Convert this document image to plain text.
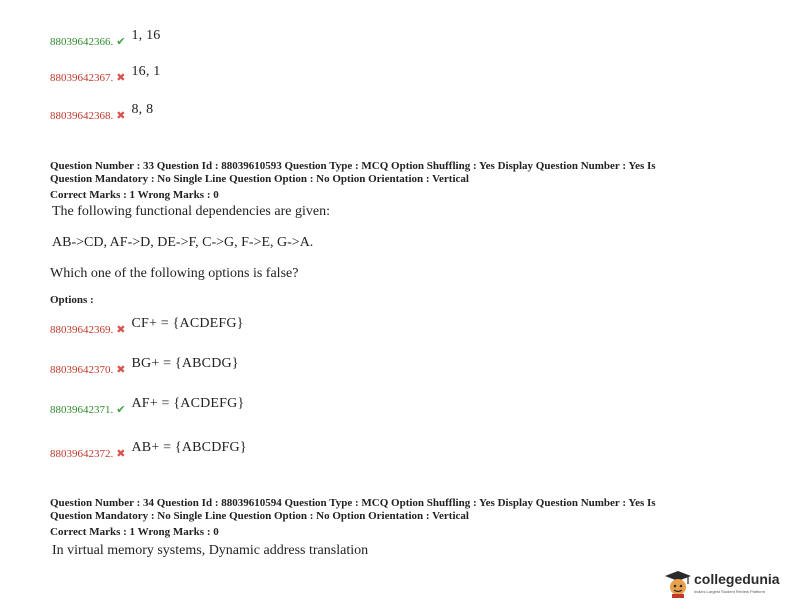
88039642366. ✔ 1, 16
88039642367. ✖ 16, 1
88039642368. ✖ 8, 8
Question Number : 33 Question Id : 88039610593 Question Type : MCQ Option Shuffling : Yes Display Question Number : Yes Is
Question Mandatory : No Single Line Question Option : No Option Orientation : Vertical
Correct Marks : 1 Wrong Marks : 0
The following functional dependencies are given:
AB->CD, AF->D, DE->F, C->G, F->E, G->A.
Which one of the following options is false?
Options :
88039642369. ✖ CF+ = {ACDEFG}
88039642370. ✖ BG+ = {ABCDG}
88039642371. ✔ AF+ = {ACDEFG}
88039642372. ✖ AB+ = {ABCDFG}
Question Number : 34 Question Id : 88039610594 Question Type : MCQ Option Shuffling : Yes Display Question Number : Yes Is
Question Mandatory : No Single Line Question Option : No Option Orientation : Vertical
Correct Marks : 1 Wrong Marks : 0
In virtual memory systems, Dynamic address translation
collegedunia
India's Largest Student Review Platform
